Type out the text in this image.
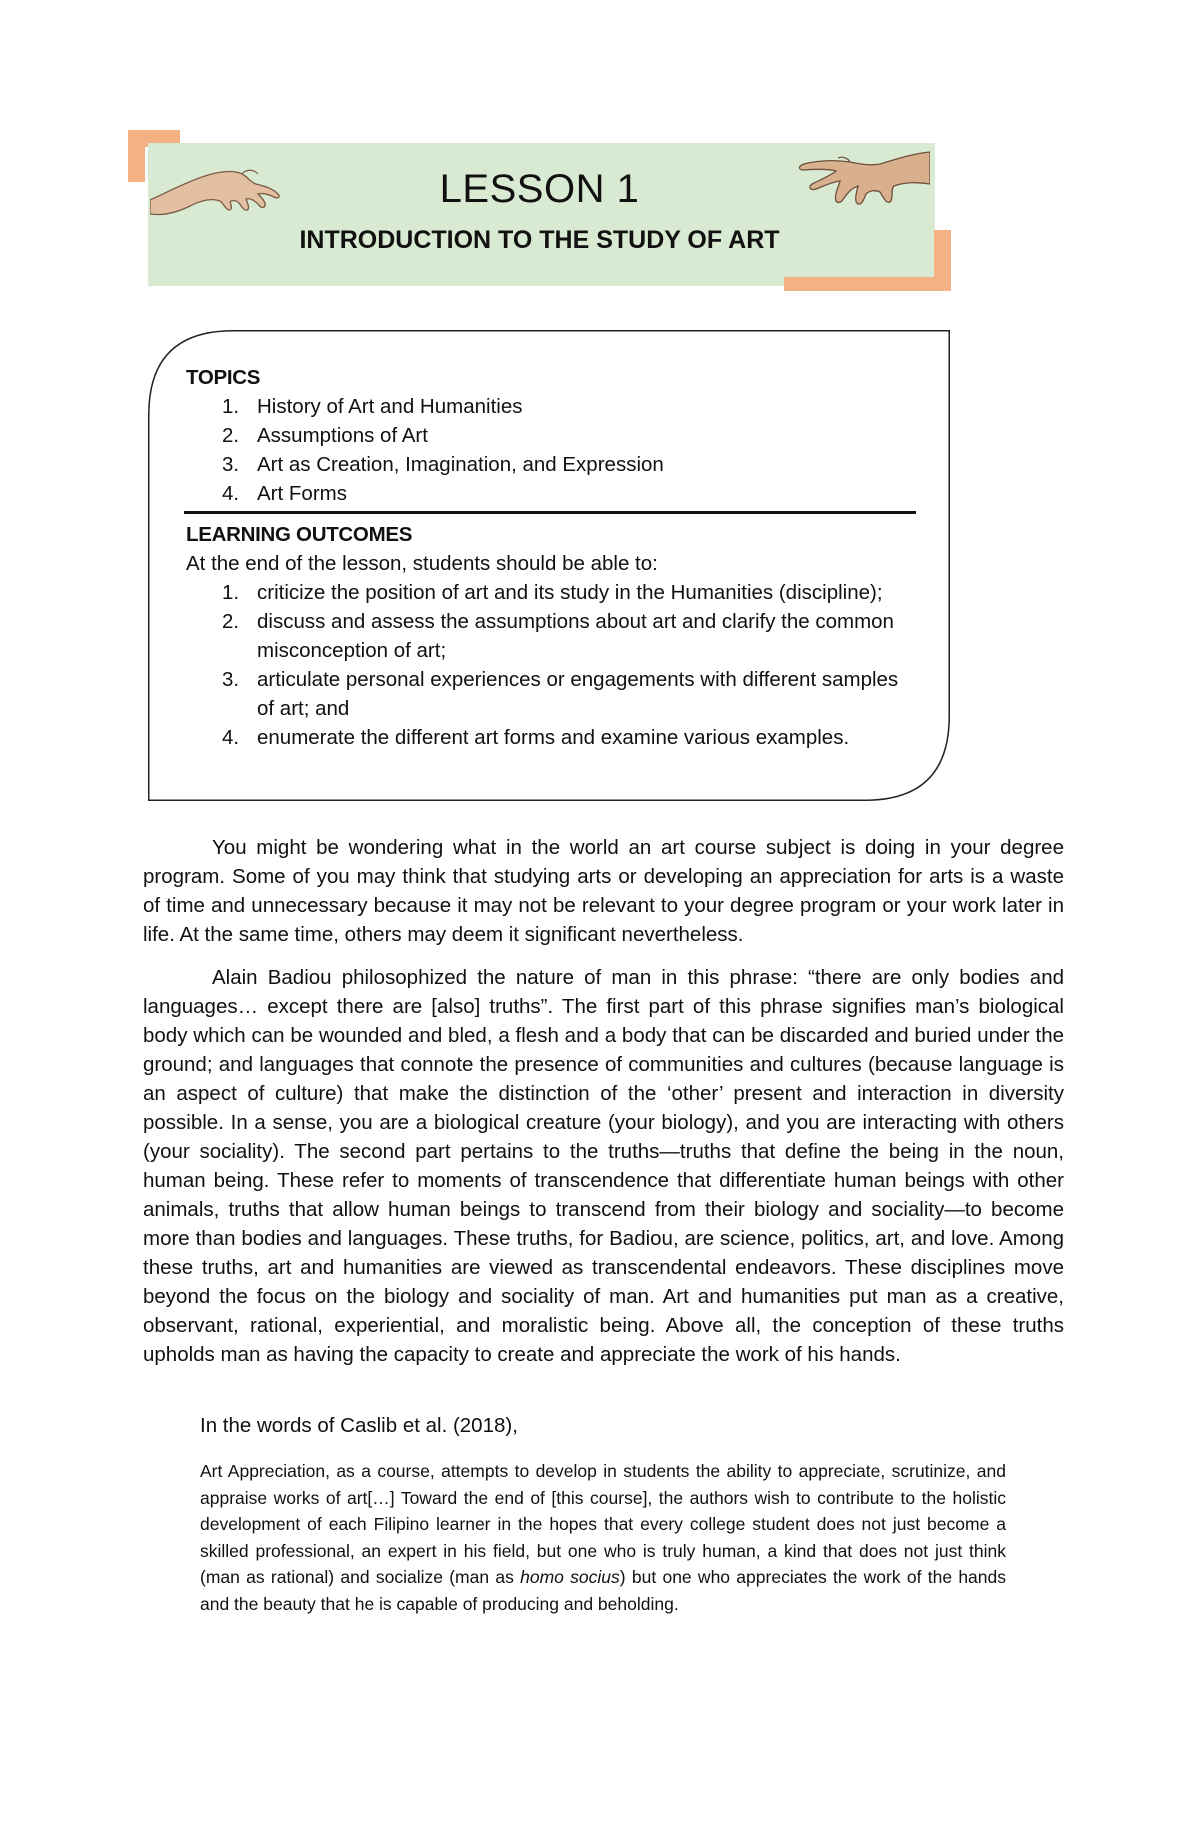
LESSON 1
INTRODUCTION TO THE STUDY OF ART
TOPICS
1. History of Art and Humanities
2. Assumptions of Art
3. Art as Creation, Imagination, and Expression
4. Art Forms
LEARNING OUTCOMES
At the end of the lesson, students should be able to:
1. criticize the position of art and its study in the Humanities (discipline);
2. discuss and assess the assumptions about art and clarify the common misconception of art;
3. articulate personal experiences or engagements with different samples of art; and
4. enumerate the different art forms and examine various examples.

You might be wondering what in the world an art course subject is doing in your degree program. Some of you may think that studying arts or developing an appreciation for arts is a waste of time and unnecessary because it may not be relevant to your degree program or your work later in life. At the same time, others may deem it significant nevertheless.

Alain Badiou philosophized the nature of man in this phrase: “there are only bodies and languages… except there are [also] truths”. The first part of this phrase signifies man’s biological body which can be wounded and bled, a flesh and a body that can be discarded and buried under the ground; and languages that connote the presence of communities and cultures (because language is an aspect of culture) that make the distinction of the ‘other’ present and interaction in diversity possible. In a sense, you are a biological creature (your biology), and you are interacting with others (your sociality). The second part pertains to the truths—truths that define the being in the noun, human being. These refer to moments of transcendence that differentiate human beings with other animals, truths that allow human beings to transcend from their biology and sociality—to become more than bodies and languages. These truths, for Badiou, are science, politics, art, and love. Among these truths, art and humanities are viewed as transcendental endeavors. These disciplines move beyond the focus on the biology and sociality of man. Art and humanities put man as a creative, observant, rational, experiential, and moralistic being. Above all, the conception of these truths upholds man as having the capacity to create and appreciate the work of his hands.

In the words of Caslib et al. (2018),
Art Appreciation, as a course, attempts to develop in students the ability to appreciate, scrutinize, and appraise works of art[…] Toward the end of [this course], the authors wish to contribute to the holistic development of each Filipino learner in the hopes that every college student does not just become a skilled professional, an expert in his field, but one who is truly human, a kind that does not just think (man as rational) and socialize (man as homo socius) but one who appreciates the work of the hands and the beauty that he is capable of producing and beholding.
